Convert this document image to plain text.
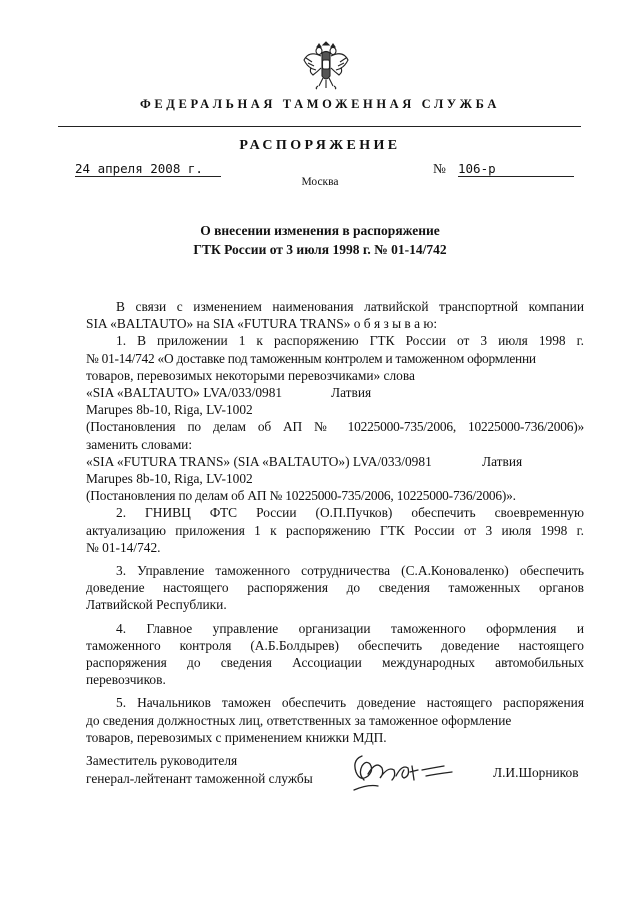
ФЕДЕРАЛЬНАЯ ТАМОЖЕННАЯ СЛУЖБА
РАСПОРЯЖЕНИЕ
24 апреля 2008 г.	№ 106-р
Москва
О внесении изменения в распоряжение
ГТК России от 3 июля 1998 г. № 01-14/742

В связи с изменением наименования латвийской транспортной компании

SIA «BALTAUTO» на SIA «FUTURA TRANS» о б я з ы в а ю:

1. В приложении 1 к распоряжению ГТК России от 3 июля 1998 г.

№ 01-14/742 «О доставке под таможенным контролем и таможенном оформленни

товаров, перевозимых некоторыми перевозчиками» слова

«SIA «BALTAUTO» LVA/033/0981	Латвия

Marupes 8b-10, Riga, LV-1002

(Постановления по делам об АП № 10225000-735/2006, 10225000-736/2006)»

заменить словами:

«SIA «FUTURA TRANS» (SIA «BALTAUTO») LVA/033/0981	Латвия

Marupes 8b-10, Riga, LV-1002

(Постановления по делам об АП № 10225000-735/2006, 10225000-736/2006)».

2. ГНИВЦ ФТС России (О.П.Пучков) обеспечить своевременную

актуализацию приложения 1 к распоряжению ГТК России от 3 июля 1998 г.

№ 01-14/742.

3. Управление таможенного сотрудничества (С.А.Коноваленко) обеспечить

доведение настоящего распоряжения до сведения таможенных органов

Латвийской Республики.

4. Главное управление организации таможенного оформления и

таможенного контроля (А.Б.Болдырев) обеспечить доведение настоящего

распоряжения до сведения Ассоциации международных автомобильных

перевозчиков.

5. Начальников таможен обеспечить доведение настоящего распоряжения

до сведения должностных лиц, ответственных за таможенное оформление

товаров, перевозимых с применением книжки МДП.

Заместитель руководителя
генерал-лейтенант таможенной службы	Л.И.Шорников
